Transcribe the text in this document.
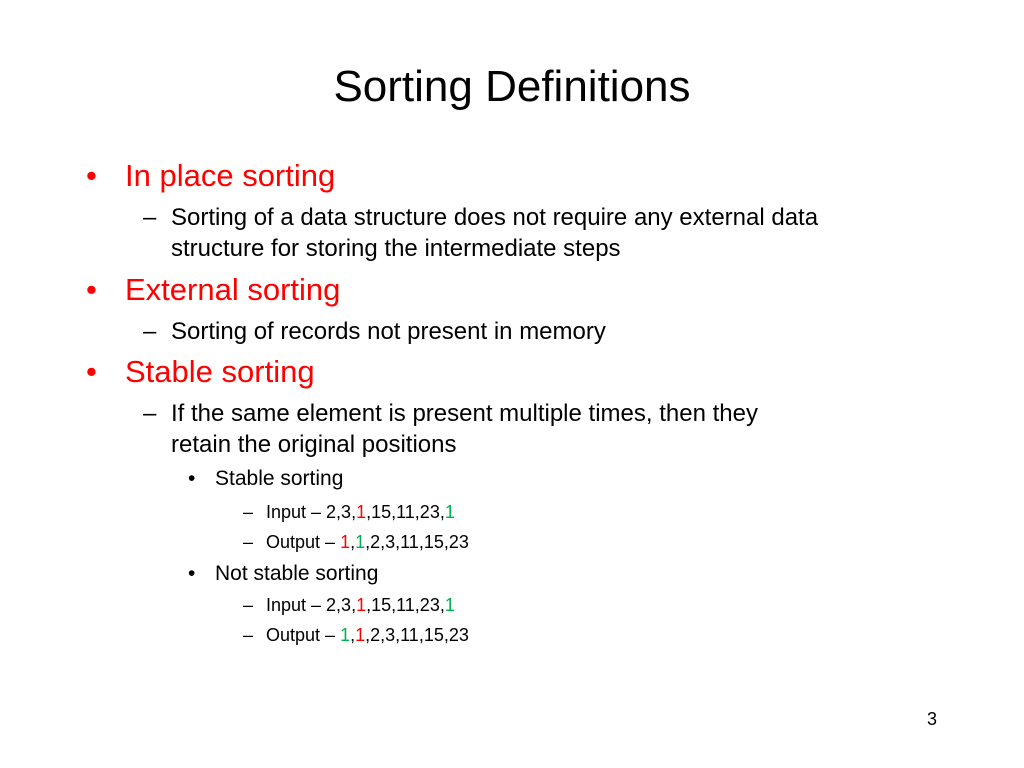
Sorting Definitions
• In place sorting
– Sorting of a data structure does not require any external data
structure for storing the intermediate steps
• External sorting
– Sorting of records not present in memory
• Stable sorting
– If the same element is present multiple times, then they
retain the original positions
• Stable sorting
– Input – 2,3,1,15,11,23,1
– Output – 1,1,2,3,11,15,23
• Not stable sorting
– Input – 2,3,1,15,11,23,1
– Output – 1,1,2,3,11,15,23
3
